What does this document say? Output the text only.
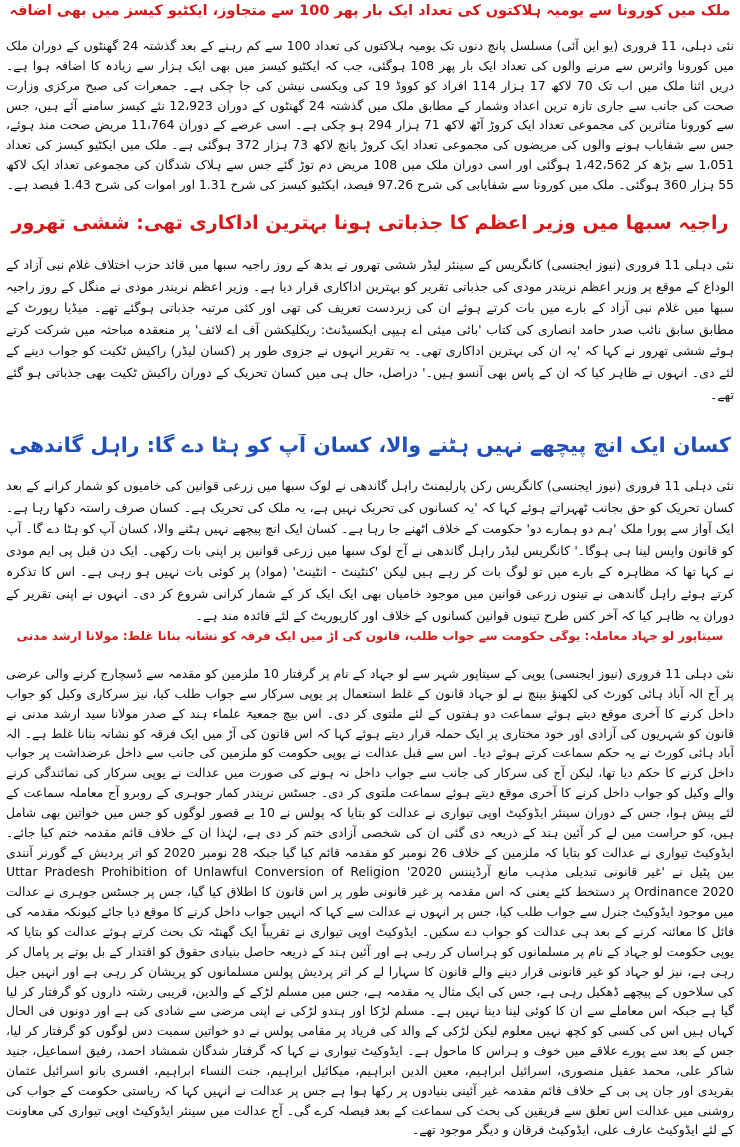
ملک میں کورونا سے یومیہ ہلاکتوں کی تعداد ایک بار پھر 100 سے متجاوز، ایکٹیو کیسز میں بھی اضافہ

نئی دہلی، 11 فروری (یو این آئی) مسلسل پانچ دنوں تک یومیہ ہلاکتوں کی تعداد 100 سے کم رہنے کے بعد گذشتہ 24 گھنٹوں کے دوران ملک میں کورونا وائرس سے مرنے والوں کی تعداد ایک بار پھر 108 ہوگئی، جب کہ ایکٹیو کیسز میں بھی ایک ہزار سے زیادہ کا اضافہ ہوا ہے۔ دریں اثنا ملک میں اب تک 70 لاکھ 17 ہزار 114 افراد کو کووڈ 19 کی ویکسی نیشن کی جا چکی ہے۔ جمعرات کی صبح مرکزی وزارت صحت کی جانب سے جاری تازہ ترین اعداد وشمار کے مطابق ملک میں گذشتہ 24 گھنٹوں کے دوران 12،923 نئے کیسز سامنے آئے ہیں، جس سے کورونا متاثرین کی مجموعی تعداد ایک کروڑ آٹھ لاکھ 71 ہزار 294 ہو چکی ہے۔ اسی عرصے کے دوران 11،764 مریض صحت مند ہوئے، جس سے شفایاب ہونے والوں کی مریضوں کی مجموعی تعداد ایک کروڑ پانچ لاکھ 73 ہزار 372 ہوگئی ہے۔ ملک میں ایکٹیو کیسز کی تعداد 1،051 سے بڑھ کر 1،42،562 ہوگئی اور اسی دوران ملک میں 108 مریض دم توڑ گئے جس سے ہلاک شدگان کی مجموعی تعداد ایک لاکھ 55 ہزار 360 ہوگئی۔ ملک میں کورونا سے شفایابی کی شرح 97.26 فیصد، ایکٹیو کیسز کی شرح 1.31 اور اموات کی شرح 1.43 فیصد ہے۔

راجیہ سبھا میں وزیر اعظم کا جذباتی ہونا بہترین اداکاری تھی: ششی تھرور

نئی دہلی 11 فروری (نیوز ایجنسی) کانگریس کے سینئر لیڈر ششی تھرور نے بدھ کے روز راجیہ سبھا میں قائد حزب اختلاف غلام نبی آزاد کے الوداع کے موقع پر وزیر اعظم نریندر مودی کی جذباتی تقریر کو بہترین اداکاری قرار دیا ہے۔ وزیر اعظم نریندر مودی نے منگل کے روز راجیہ سبھا میں غلام نبی آزاد کے بارے میں بات کرتے ہوئے ان کی زبردست تعریف کی تھی اور کئی مرتبہ جذباتی ہوگئے تھے۔ میڈیا رپورٹ کے مطابق سابق نائب صدر حامد انصاری کی کتاب 'بائی میئی اے ہیپی ایکسیڈنٹ: ریکلیکشن آف اے لائف' پر منعقدہ مباحثہ میں شرکت کرتے ہوئے ششی تھرور نے کہا کہ 'یہ ان کی بہترین اداکاری تھی۔ یہ تقریر انہوں نے جزوی طور پر (کسان لیڈر) راکیش ٹکیت کو جواب دینے کے لئے دی۔ انہوں نے ظاہر کیا کہ ان کے پاس بھی آنسو ہیں۔' دراصل، حال ہی میں کسان تحریک کے دوران راکیش ٹکیت بھی جذباتی ہو گئے تھے۔

کسان ایک انچ پیچھے نہیں ہٹنے والا، کسان آپ کو ہٹا دے گا: راہل گاندھی

نئی دہلی 11 فروری (نیوز ایجنسی) کانگریس رکن پارلیمنٹ راہل گاندھی نے لوک سبھا میں زرعی قوانین کی خامیوں کو شمار کرانے کے بعد کسان تحریک کو حق بجانب ٹھہراتے ہوئے کہا کہ 'یہ کسانوں کی تحریک نہیں ہے، یہ ملک کی تحریک ہے۔ کسان صرف راستہ دکھا رہا ہے۔ ایک آواز سے پورا ملک 'ہم دو ہمارے دو' حکومت کے خلاف اٹھنے جا رہا ہے۔ کسان ایک انچ پیچھے نہیں ہٹنے والا، کسان آپ کو ہٹا دے گا۔ آپ کو قانون واپس لینا ہی ہوگا۔' کانگریس لیڈر راہل گاندھی نے آج لوک سبھا میں زرعی قوانین پر اپنی بات رکھی۔ ایک دن قبل پی ایم مودی نے کہا تھا کہ مظاہرہ کے بارے میں تو لوگ بات کر رہے ہیں لیکن 'کنٹینٹ - انٹینٹ' (مواد) پر کوئی بات نہیں ہو رہی ہے۔ اس کا تذکرہ کرتے ہوئے راہل گاندھی نے تینوں زرعی قوانین میں موجود خامیاں بھی ایک ایک کر کے شمار کرانی شروع کر دی۔ انہوں نے اپنی تقریر کے دوران یہ ظاہر کیا کہ آخر کس طرح تینوں قوانین کسانوں کے خلاف اور کارپوریٹ کے لئے فائدہ مند ہے۔

سیتاپور لو جہاد معاملہ: یوگی حکومت سے جواب طلب، قانون کی آڑ میں ایک فرقہ کو نشانہ بنانا غلط: مولانا ارشد مدنی

نئی دہلی 11 فروری (نیوز ایجنسی) یوپی کے سیتاپور شہر سے لو جہاد کے نام پر گرفتار 10 ملزمین کو مقدمہ سے ڈسچارج کرنے والی عرضی پر آج الہ آباد ہائی کورٹ کی لکھنؤ بینچ نے لو جہاد قانون کے غلط استعمال پر یوپی سرکار سے جواب طلب کیا، نیز سرکاری وکیل کو جواب داخل کرنے کا آخری موقع دیتے ہوئے سماعت دو ہفتوں کے لئے ملتوی کر دی۔ اس بیچ جمعیۃ علماء ہند کے صدر مولانا سید ارشد مدنی نے قانون کو شہریوں کی آزادی اور خود مختاری پر ایک حملہ قرار دیتے ہوئے کہا کہ اس قانون کی آڑ میں ایک فرقہ کو نشانہ بنانا غلط ہے۔ الہ آباد ہائی کورٹ نے یہ حکم سماعت کرتے ہوئے دیا۔ اس سے قبل عدالت نے یوپی حکومت کو ملزمین کی جانب سے داخل عرضداشت پر جواب داخل کرنے کا حکم دیا تھا، لیکن آج کی سرکار کی جانب سے جواب داخل نہ ہونے کی صورت میں عدالت نے یوپی سرکار کی نمائندگی کرنے والے وکیل کو جواب داخل کرنے کا آخری موقع دیتے ہوئے سماعت ملتوی کر دی۔ جسٹس نریندر کمار جوہری کے روبرو آج معاملہ سماعت کے لئے پیش ہوا، جس کے دوران سینئر ایڈوکیٹ اوپی تیواری نے عدالت کو بتایا کہ پولس نے 10 بے قصور لوگوں کو جس میں خواتین بھی شامل ہیں، کو حراست میں لے کر آئین ہند کے ذریعہ دی گئی ان کی شخصی آزادی ختم کر دی ہے، لہٰذا ان کے خلاف قائم مقدمہ ختم کیا جائے۔ ایڈوکیٹ تیواری نے عدالت کو بتایا کہ ملزمین کے خلاف 26 نومبر کو مقدمہ قائم کیا گیا جبکہ 28 نومبر 2020 کو اتر پردیش کے گورنر آنندی بین پٹیل نے 'غیر قانونی تبدیلی مذہب مانع آرڈیننس 2020' Uttar Pradesh Prohibition of Unlawful Conversion of Religion Ordinance 2020 پر دستخط کئے یعنی کہ اس مقدمہ پر غیر قانونی طور پر اس قانون کا اطلاق کیا گیا، جس پر جسٹس جوہری نے عدالت میں موجود ایڈوکیٹ جنرل سے جواب طلب کیا، جس پر انہوں نے عدالت سے کہا کہ انہیں جواب داخل کرنے کا موقع دیا جائے کیونکہ مقدمہ کی فائل کا معائنہ کرنے کے بعد ہی عدالت کو جواب دے سکیں۔ ایڈوکیٹ اوپی تیواری نے تقریباً ایک گھنٹہ تک بحث کرتے ہوئے عدالت کو بتایا کہ یوپی حکومت لو جہاد کے نام پر مسلمانوں کو ہراساں کر رہی ہے اور آئین ہند کے ذریعہ حاصل بنیادی حقوق کو اقتدار کے بل بوتے پر پامال کر رہی ہے، نیز لو جہاد کو غیر قانونی قرار دینے والے قانون کا سہارا لے کر اتر پردیش پولس مسلمانوں کو پریشان کر رہی ہے اور انہیں جیل کی سلاخوں کے پیچھے ڈھکیل رہی ہے، جس کی ایک مثال یہ مقدمہ ہے، جس میں مسلم لڑکے کے والدین، قریبی رشتہ داروں کو گرفتار کر لیا گیا ہے جبکہ اس معاملے سے ان کا کوئی لینا دینا نہیں ہے۔ مسلم لڑکا اور ہندو لڑکی نے اپنی مرضی سے شادی کی ہے اور دونوں فی الحال کہاں ہیں اس کی کسی کو کچھ نہیں معلوم لیکن لڑکی کے والد کی فریاد پر مقامی پولس نے دو خواتین سمیت دس لوگوں کو گرفتار کر لیا، جس کے بعد سے پورے علاقے میں خوف و ہراس کا ماحول ہے۔ ایڈوکیٹ تیواری نے کہا کہ گرفتار شدگان شمشاد احمد، رفیق اسماعیل، جنید شاکر علی، محمد عقیل منصوری، اسرائیل ابراہیم، معین الدین ابراہیم، میکائیل ابراہیم، جنت النساء ابراہیم، افسری بانو اسرائیل عثمان بقریدی اور جان پی بی کے خلاف قائم مقدمہ غیر آئینی بنیادوں پر رکھا ہوا ہے جس پر عدالت نے انہیں کہا کہ ریاستی حکومت کے جواب کی روشنی میں عدالت اس تعلق سے فریقین کی بحث کی سماعت کے بعد فیصلہ کرے گی۔ آج عدالت میں سینئر ایڈوکیٹ اوپی تیواری کی معاونت کے لئے ایڈوکیٹ عارف علی، ایڈوکیٹ فرقان و دیگر موجود تھے۔
